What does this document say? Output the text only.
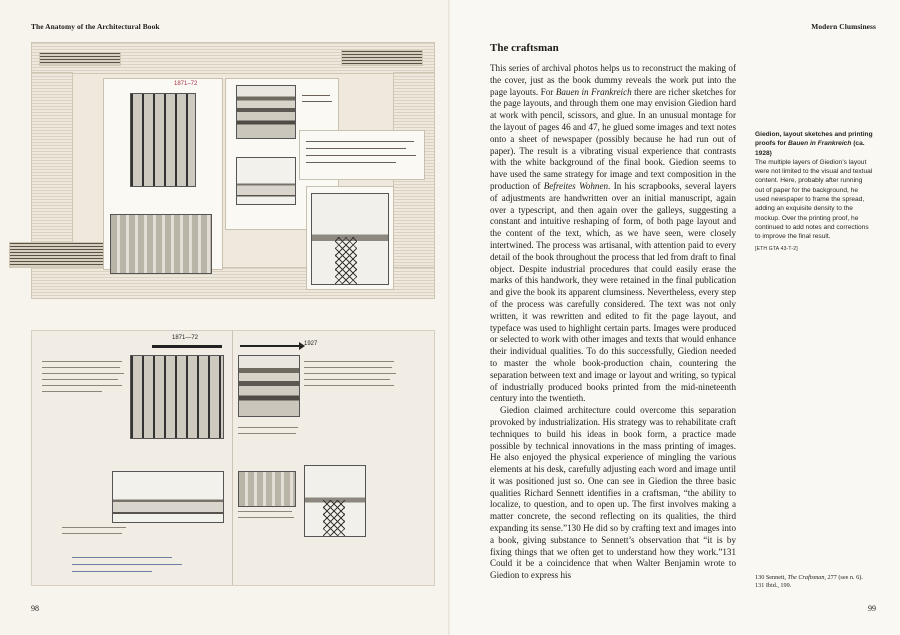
The Anatomy of the Architectural Book
1871–72
1871—72
1927
98
Modern Clumsiness
99
The craftsman

This series of archival photos helps us to reconstruct the making of the cover, just as the book dummy reveals the work put into the page layouts. For Bauen in Frankreich there are richer sketches for the page layouts, and through them one may envision Giedion hard at work with pencil, scissors, and glue. In an unusual montage for the layout of pages 46 and 47, he glued some images and text notes onto a sheet of newspaper (possibly because he had run out of paper). The result is a vibrating visual experience that contrasts with the white background of the final book. Giedion seems to have used the same strategy for image and text composition in the production of Befreites Wohnen. In his scrapbooks, several layers of adjustments are handwritten over an initial manuscript, again over a typescript, and then again over the galleys, suggesting a constant and intuitive reshaping of form, of both page layout and the content of the text, which, as we have seen, were closely intertwined. The process was artisanal, with attention paid to every detail of the book throughout the process that led from draft to final object. Despite industrial procedures that could easily erase the marks of this handwork, they were retained in the final publication and give the book its apparent clumsiness. Nevertheless, every step of the process was carefully considered. The text was not only written, it was rewritten and edited to fit the page layout, and typeface was used to highlight certain parts. Images were produced or selected to work with other images and texts that would enhance their individual qualities. To do this successfully, Giedion needed to master the whole book-production chain, countering the separation between text and image or layout and writing, so typical of industrially produced books printed from the mid-nineteenth century into the twentieth.

Giedion claimed architecture could overcome this separation provoked by industrialization. His strategy was to rehabilitate craft techniques to build his ideas in book form, a practice made possible by technical innovations in the mass printing of images. He also enjoyed the physical experience of mingling the various elements at his desk, carefully adjusting each word and image until it was positioned just so. One can see in Giedion the three basic qualities Richard Sennett identifies in a craftsman, “the ability to localize, to question, and to open up. The first involves making a matter concrete, the second reflecting on its qualities, the third expanding its sense.”130 He did so by crafting text and images into a book, giving substance to Sennett’s observation that “it is by fixing things that we often get to understand how they work.”131 Could it be a coincidence that when Walter Benjamin wrote to Giedion to express his

Giedion, layout sketches and printing proofs for Bauen in Frankreich (ca. 1928)
The multiple layers of Giedion’s layout were not limited to the visual and textual content. Here, probably after running out of paper for the background, he used newspaper to frame the spread, adding an exquisite density to the mockup. Over the printing proof, he continued to add notes and corrections to improve the final result.
[ETH GTA 43-T-2]
130 Sennett, The Craftsman, 277 (see n. 6).
131 Ibid., 199.
